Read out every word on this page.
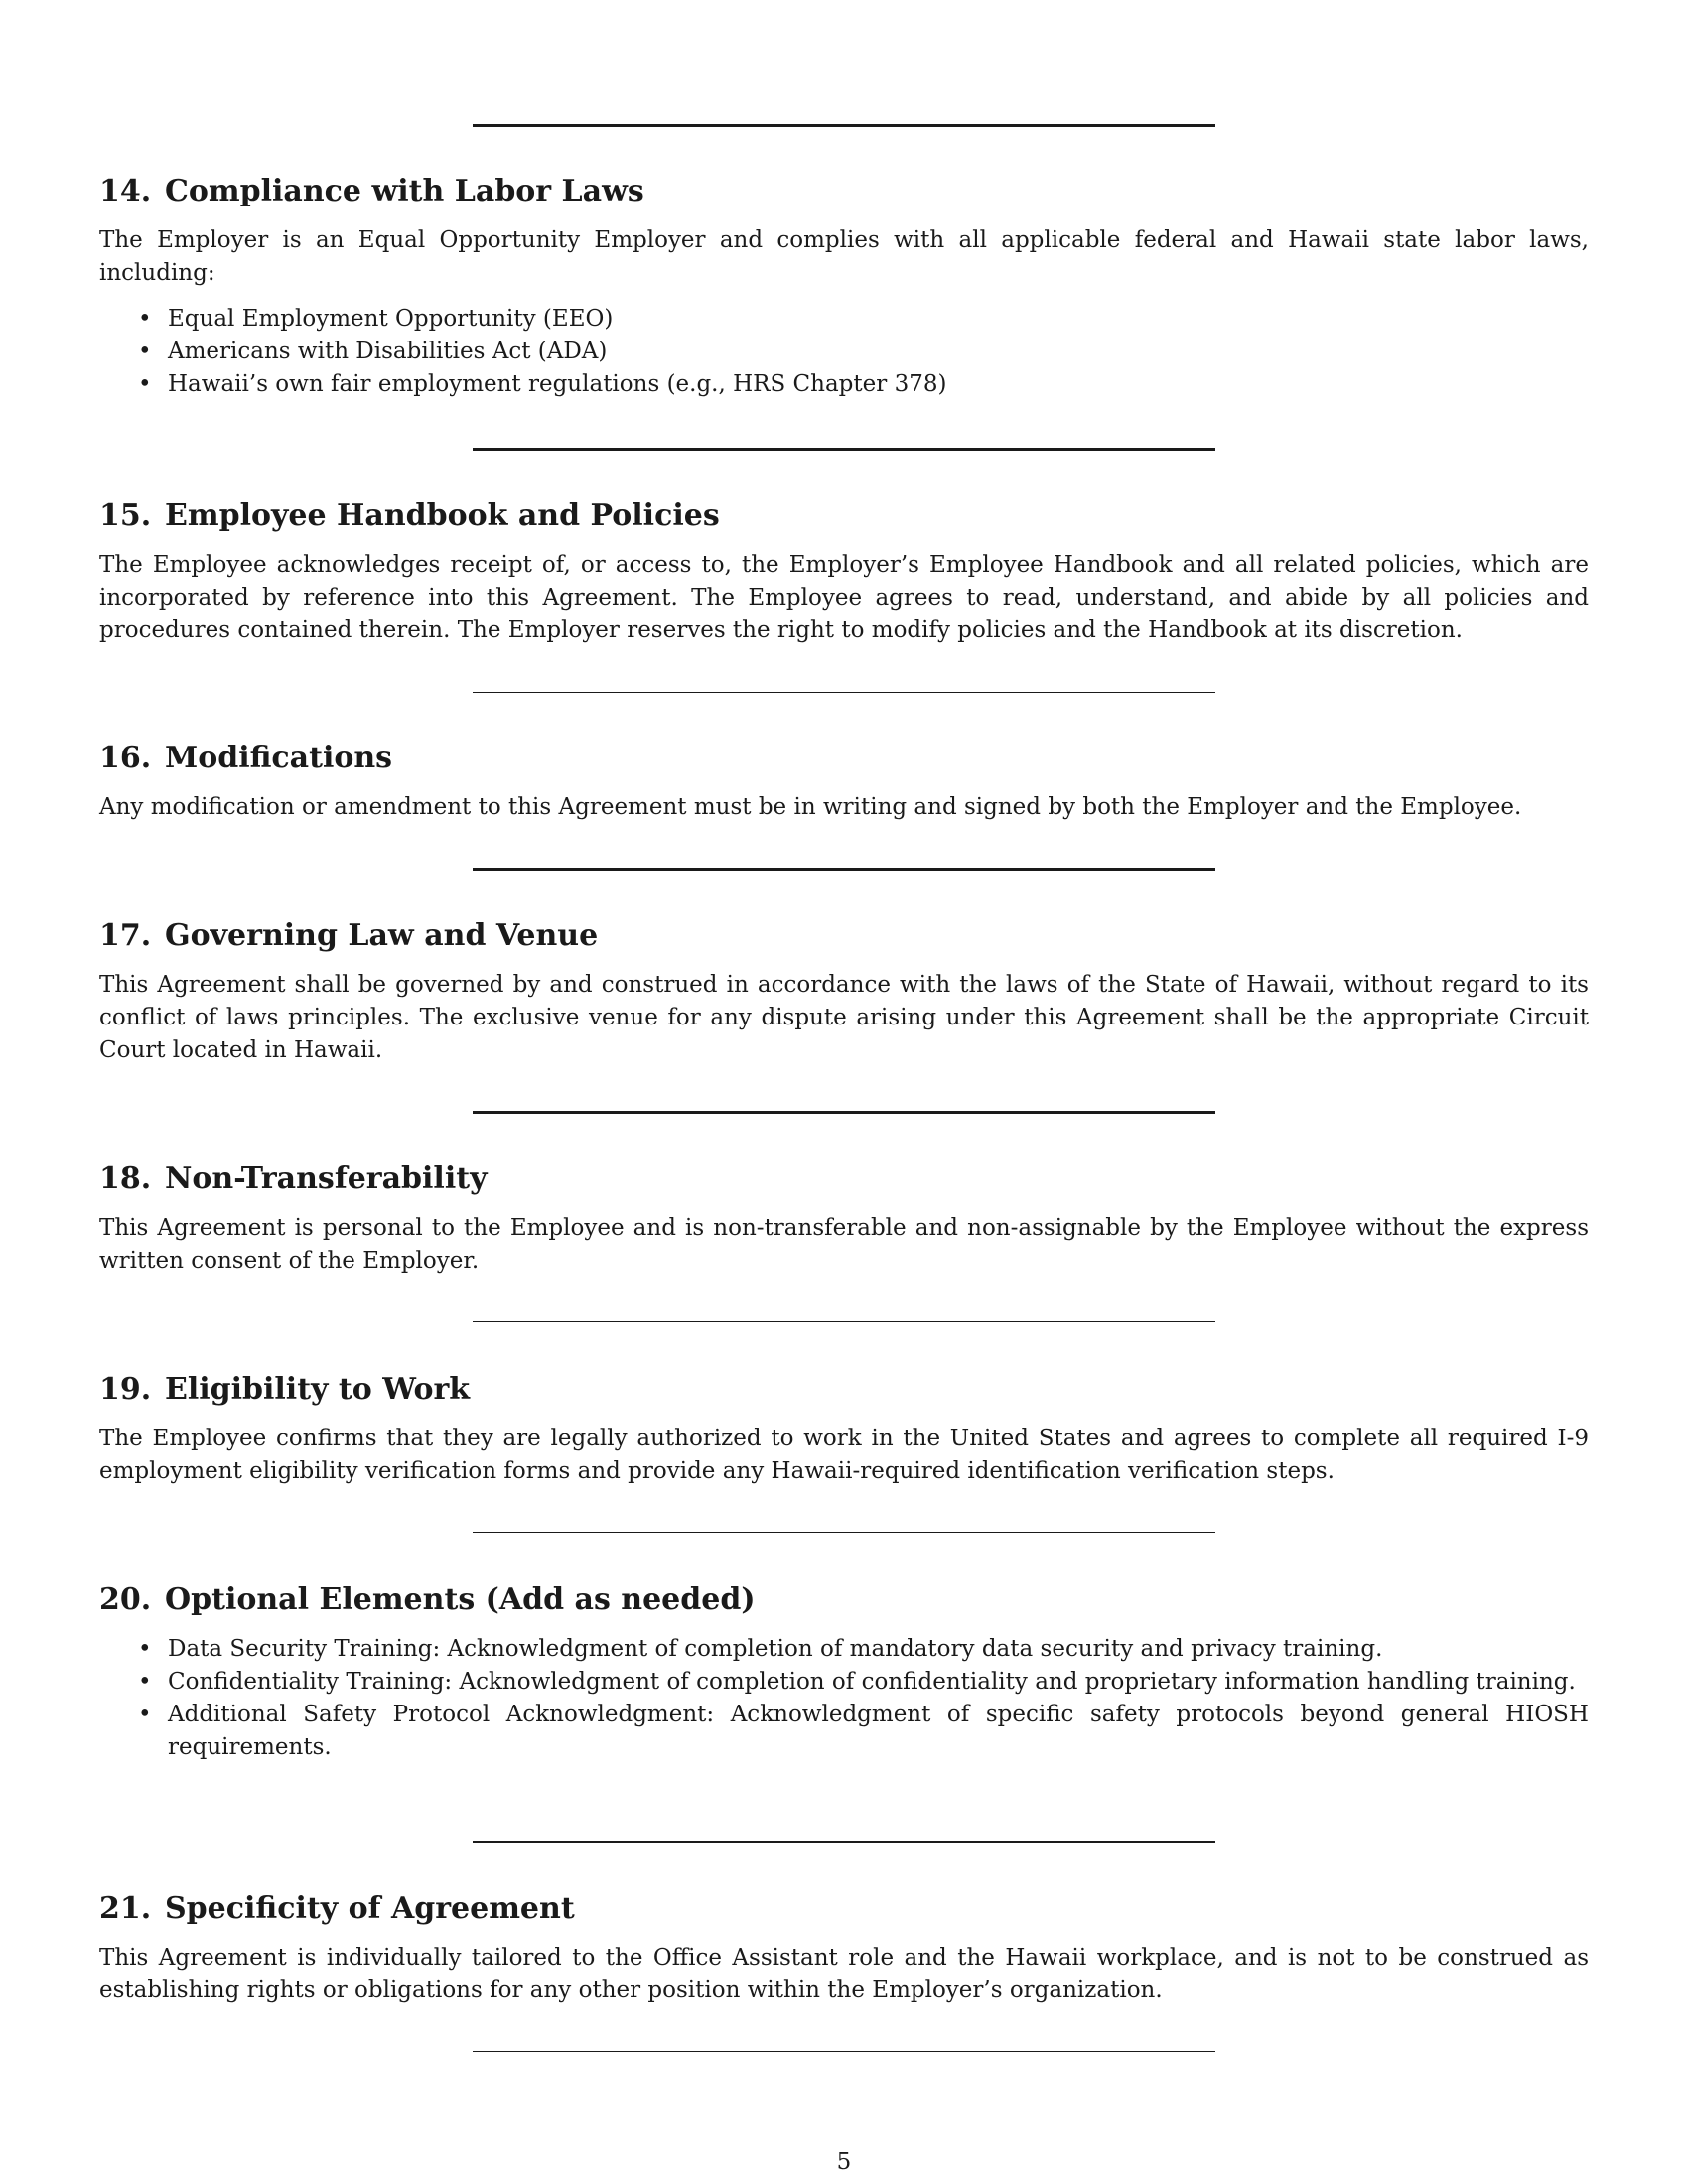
14. Compliance with Labor Laws

The Employer is an Equal Opportunity Employer and complies with all applicable federal and Hawaii state labor laws, including:

• Equal Employment Opportunity (EEO)
• Americans with Disabilities Act (ADA)
• Hawaii’s own fair employment regulations (e.g., HRS Chapter 378)
15. Employee Handbook and Policies

The Employee acknowledges receipt of, or access to, the Employer’s Employee Handbook and all related policies, which are incorporated by reference into this Agreement. The Employee agrees to read, understand, and abide by all policies and procedures contained therein. The Employer reserves the right to modify policies and the Handbook at its discretion.

16. Modifications

Any modification or amendment to this Agreement must be in writing and signed by both the Employer and the Employee.

17. Governing Law and Venue

This Agreement shall be governed by and construed in accordance with the laws of the State of Hawaii, without regard to its conflict of laws principles. The exclusive venue for any dispute arising under this Agreement shall be the appropriate Circuit Court located in Hawaii.

18. Non-Transferability

This Agreement is personal to the Employee and is non-transferable and non-assignable by the Employee without the express written consent of the Employer.

19. Eligibility to Work

The Employee confirms that they are legally authorized to work in the United States and agrees to complete all required I-9 employment eligibility verification forms and provide any Hawaii-required identification verification steps.

20. Optional Elements (Add as needed)
• Data Security Training: Acknowledgment of completion of mandatory data security and privacy training.
• Confidentiality Training: Acknowledgment of completion of confidentiality and proprietary information handling training.
• Additional Safety Protocol Acknowledgment: Acknowledgment of specific safety protocols beyond general HIOSH requirements.
21. Specificity of Agreement

This Agreement is individually tailored to the Office Assistant role and the Hawaii workplace, and is not to be construed as establishing rights or obligations for any other position within the Employer’s organization.

5
